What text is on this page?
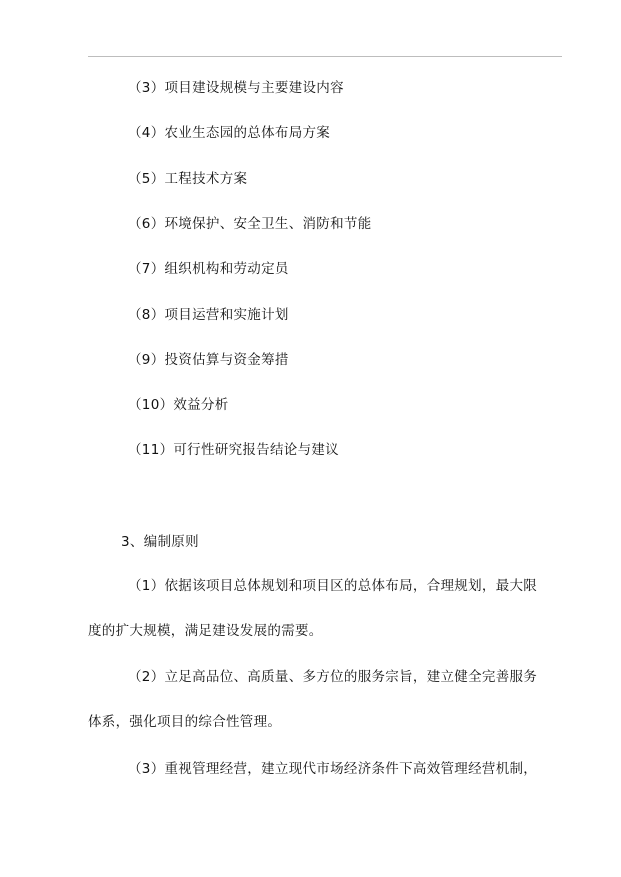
（3）项目建设规模与主要建设内容
（4）农业生态园的总体布局方案
（5）工程技术方案
（6）环境保护、安全卫生、消防和节能
（7）组织机构和劳动定员
（8）项目运营和实施计划
（9）投资估算与资金筹措
（10）效益分析
（11）可行性研究报告结论与建议
3、编制原则
（1）依据该项目总体规划和项目区的总体布局，合理规划，最大限
度的扩大规模，满足建设发展的需要。
（2）立足高品位、高质量、多方位的服务宗旨，建立健全完善服务
体系，强化项目的综合性管理。
（3）重视管理经营，建立现代市场经济条件下高效管理经营机制，
